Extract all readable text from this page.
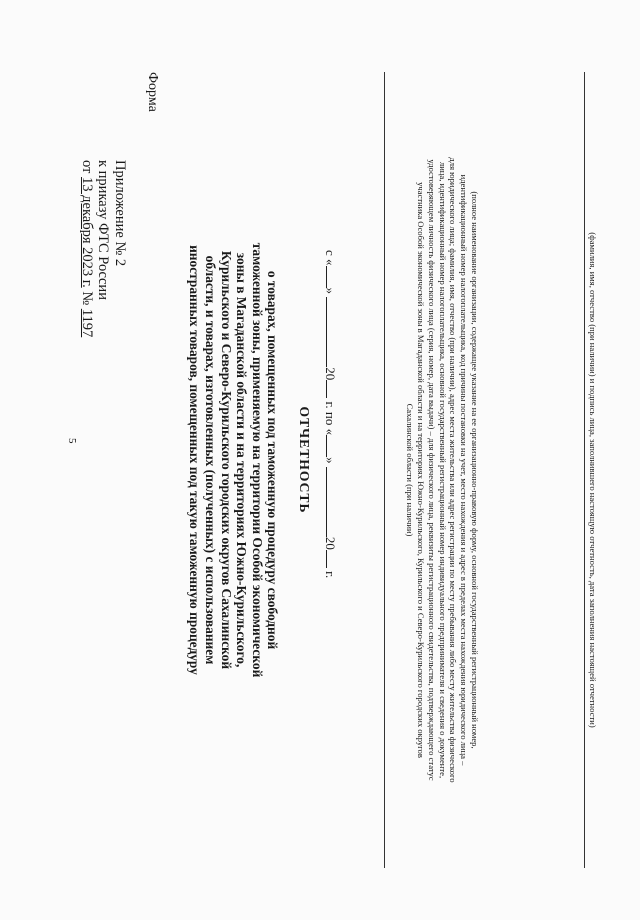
5
Приложение № 2
к приказу ФТС России
от 13 декабря 2023 г. № 1197
Форма
ОТЧЕТНОСТЬ
о товарах, помещенных под таможенную процедуру свободной
таможенной зоны, применяемую на территории Особой экономической
зоны в Магаданской области и на территориях Южно-Курильского,
Курильского и Северо-Курильского городских округов Сахалинской
области, и товарах, изготовленных (полученных) с использованием
иностранных товаров, помещенных под такую таможенную процедуру	с «» 20 г. по «» 20 г.	(полное наименование организации, содержащее указание на ее организационно-правовую форму, основной государственный регистрационный номер,
идентификационный номер налогоплательщика, код причины постановки на учет, место нахождения и адрес в пределах места нахождения юридического лица –
для юридического лица; фамилия, имя, отчество (при наличии), адрес места жительства или адрес регистрации по месту пребывания либо месту жительства физического
лица, идентификационный номер налогоплательщика, основной государственный регистрационный номер индивидуального предпринимателя и сведения о документе,
удостоверяющем личность физического лица (серия, номер, дата выдачи) – для физического лица, реквизиты регистрационного свидетельства, подтверждающего статус
участника Особой экономической зоны в Магаданской области и на территориях Южно-Курильского, Курильского и Северо-Курильского городских округов
Сахалинской области (при наличии)	(фамилия, имя, отчество (при наличии) и подпись лица, заполнившего настоящую отчетность, дата заполнения настоящей отчетности)
